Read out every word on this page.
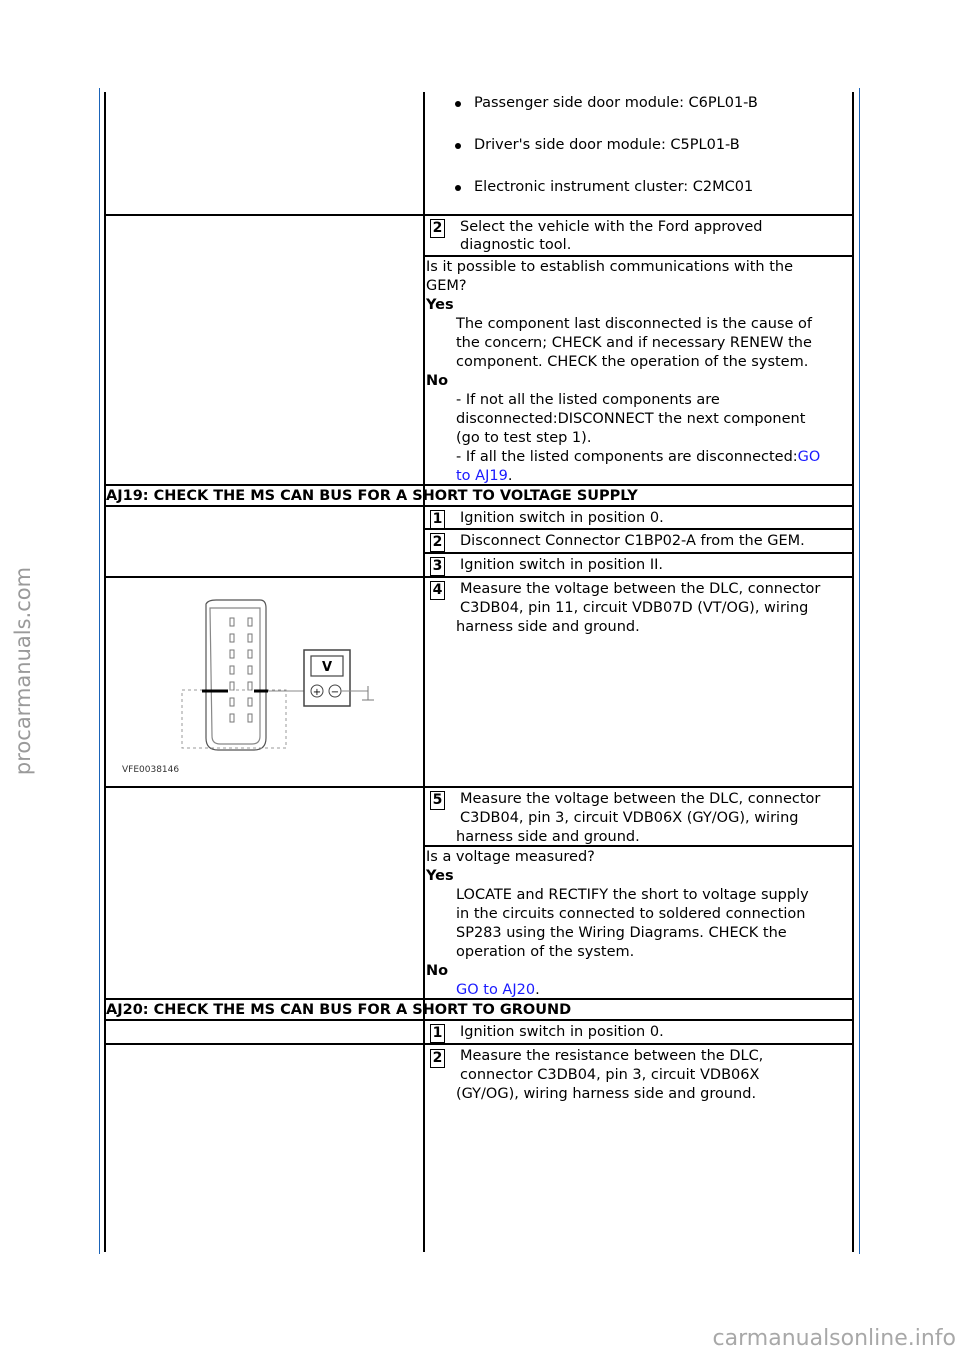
procarmanuals.com
Passenger side door module: C6PL01-B
Driver's side door module: C5PL01-B
Electronic instrument cluster: C2MC01
2 Select the vehicle with the Ford approved
diagnostic tool.
Is it possible to establish communications with the
GEM?
Yes
The component last disconnected is the cause of
the concern; CHECK and if necessary RENEW the
component. CHECK the operation of the system.
No
- If not all the listed components are
disconnected:DISCONNECT the next component
(go to test step 1).
- If all the listed components are disconnected:GO
to AJ19.
AJ19: CHECK THE MS CAN BUS FOR A SHORT TO VOLTAGE SUPPLY
1 Ignition switch in position 0.
2 Disconnect Connector C1BP02-A from the GEM.
3 Ignition switch in position II.
4 Measure the voltage between the DLC, connector
C3DB04, pin 11, circuit VDB07D (VT/OG), wiring
harness side and ground.
V
+ −
VFE0038146
5 Measure the voltage between the DLC, connector
C3DB04, pin 3, circuit VDB06X (GY/OG), wiring
harness side and ground.
Is a voltage measured?
Yes
LOCATE and RECTIFY the short to voltage supply
in the circuits connected to soldered connection
SP283 using the Wiring Diagrams. CHECK the
operation of the system.
No
GO to AJ20.
AJ20: CHECK THE MS CAN BUS FOR A SHORT TO GROUND
1 Ignition switch in position 0.
2 Measure the resistance between the DLC,
connector C3DB04, pin 3, circuit VDB06X
(GY/OG), wiring harness side and ground.
carmanualsonline.info
